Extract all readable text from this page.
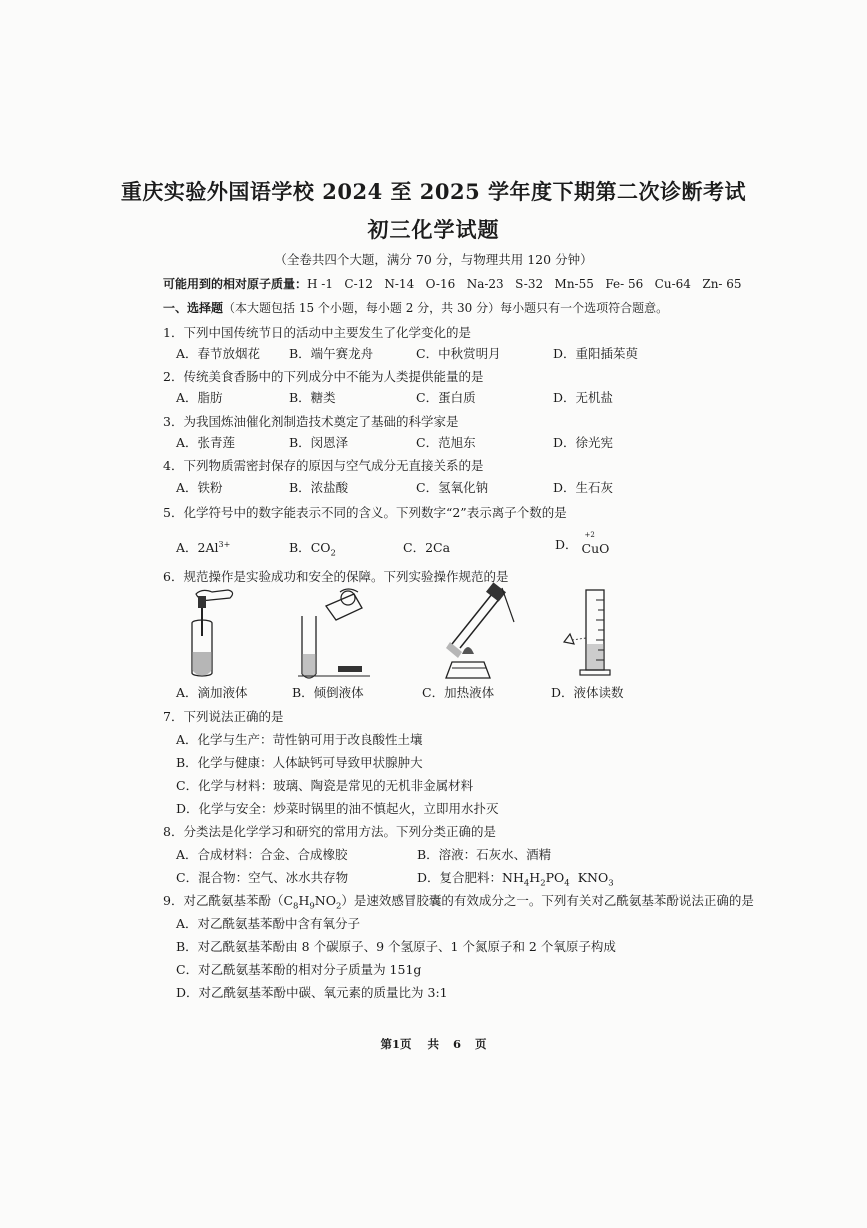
重庆实验外国语学校 2024 至 2025 学年度下期第二次诊断考试
初三化学试题
（全卷共四个大题，满分 70 分，与物理共用 120 分钟）
可能用到的相对原子质量：H -1   C-12   N-14   O-16   Na-23   S-32   Mn-55   Fe- 56   Cu-64   Zn- 65
一、选择题（本大题包括 15 个小题，每小题 2 分，共 30 分）每小题只有一个选项符合题意。
1．下列中国传统节日的活动中主要发生了化学变化的是
A．春节放烟花 B．端午赛龙舟	C．中秋赏明月	D．重阳插茱萸
2．传统美食香肠中的下列成分中不能为人类提供能量的是
A．脂肪	B．糖类	C．蛋白质	D．无机盐
3．为我国炼油催化剂制造技术奠定了基础的科学家是
A．张青莲	B．闵恩泽	C．范旭东	D．徐光宪
4．下列物质需密封保存的原因与空气成分无直接关系的是
A．铁粉	B．浓盐酸	C．氢氧化钠	D．生石灰
5．化学符号中的数字能表示不同的含义。下列数字“2”表示离子个数的是
A．$2Al^{3+}$	B．$CO_2$	C．2Ca	D．
+2
CuO
6．规范操作是实验成功和安全的保障。下列实验操作规范的是
A．滴加液体	B．倾倒液体	C．加热液体	D．液体读数
7．下列说法正确的是
A．化学与生产：苛性钠可用于改良酸性土壤
B．化学与健康：人体缺钙可导致甲状腺肿大
C．化学与材料：玻璃、陶瓷是常见的无机非金属材料
D．化学与安全：炒菜时锅里的油不慎起火，立即用水扑灭
8．分类法是化学学习和研究的常用方法。下列分类正确的是
A．合成材料：合金、合成橡胶	B．溶液：石灰水、酒精
C．混合物：空气、冰水共存物	D．复合肥料：$NH_4H_2PO_4$ $KNO_3$
9．对乙酰氨基苯酚$(C_8H_9NO_2)$是速效感冒胶囊的有效成分之一。下列有关对乙酰氨基苯酚说法正确的是
A．对乙酰氨基苯酚中含有氧分子
B．对乙酰氨基苯酚由 8 个碳原子、9 个氢原子、1 个氮原子和 2 个氧原子构成
C．对乙酰氨基苯酚的相对分子质量为 151g
D．对乙酰氨基苯酚中碳、氧元素的质量比为 3:1
第1页 共 6 页
